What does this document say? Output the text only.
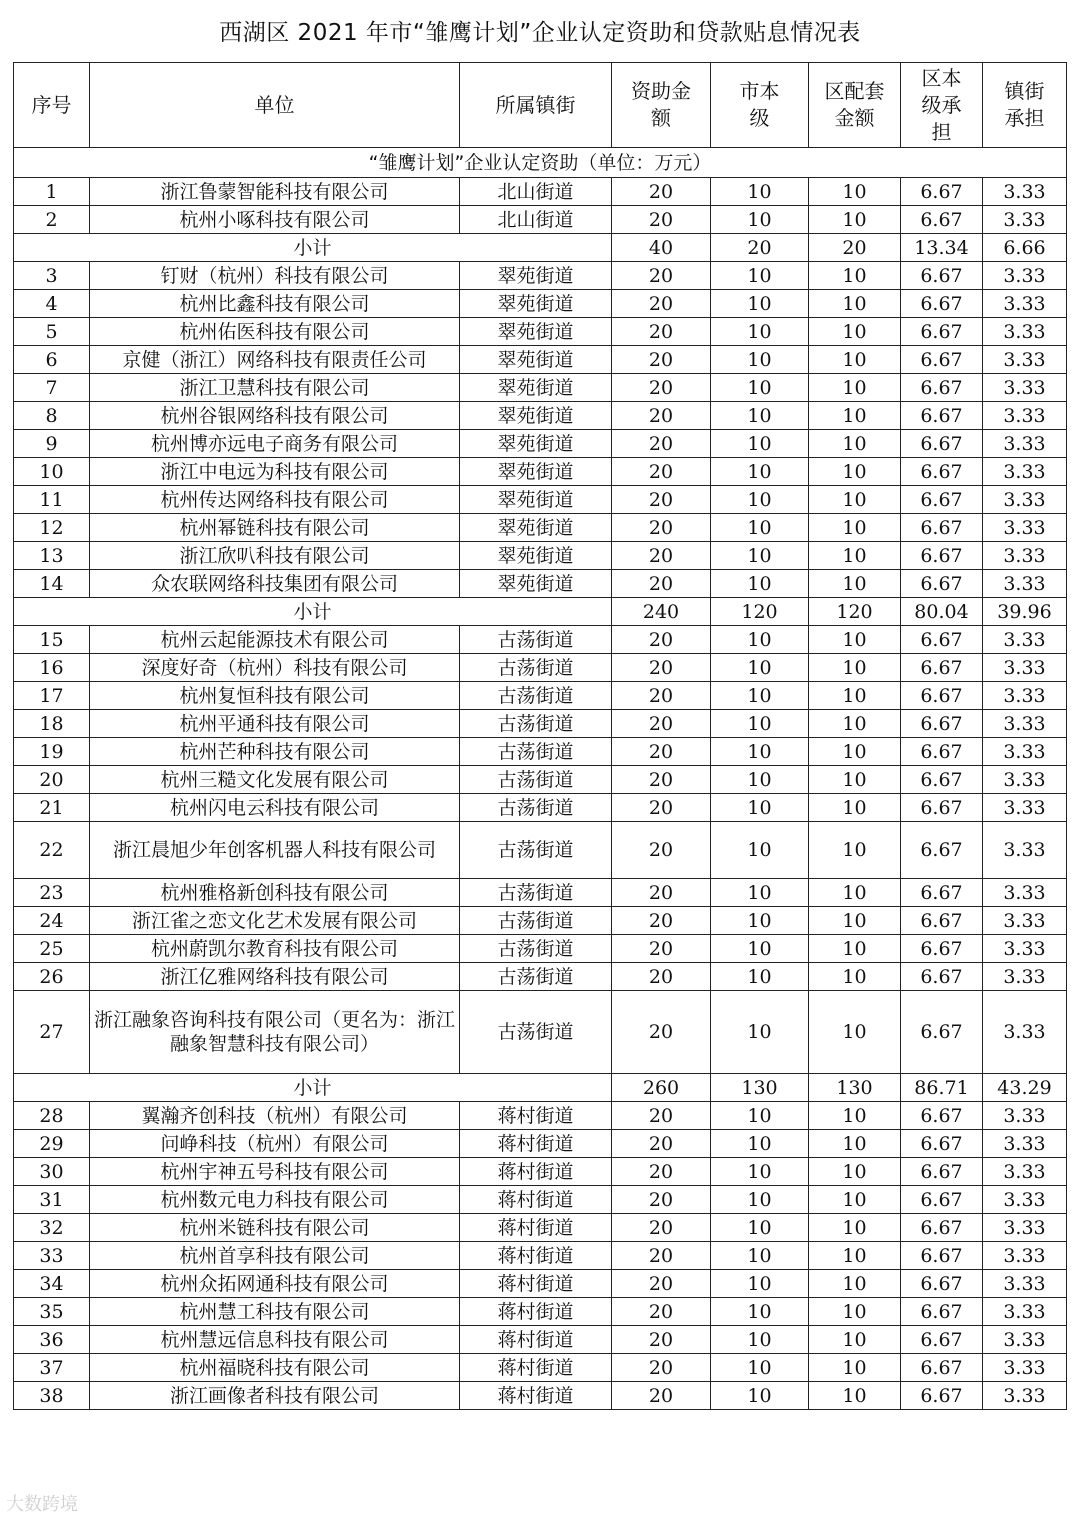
西湖区 2021 年市“雏鹰计划”企业认定资助和贷款贴息情况表
序号	单位	所属镇街	资助金额	市本级	区配套金额	区本级承担	镇街承担
“雏鹰计划”企业认定资助（单位：万元）							
1	浙江鲁蒙智能科技有限公司	北山街道	20	10	10	6.67	3.33
2	杭州小啄科技有限公司	北山街道	20	10	10	6.67	3.33
小计			40	20	20	13.34	6.66
3	钉财（杭州）科技有限公司	翠苑街道	20	10	10	6.67	3.33
4	杭州比鑫科技有限公司	翠苑街道	20	10	10	6.67	3.33
5	杭州佑医科技有限公司	翠苑街道	20	10	10	6.67	3.33
6	京健（浙江）网络科技有限责任公司	翠苑街道	20	10	10	6.67	3.33
7	浙江卫慧科技有限公司	翠苑街道	20	10	10	6.67	3.33
8	杭州谷银网络科技有限公司	翠苑街道	20	10	10	6.67	3.33
9	杭州博亦远电子商务有限公司	翠苑街道	20	10	10	6.67	3.33
10	浙江中电远为科技有限公司	翠苑街道	20	10	10	6.67	3.33
11	杭州传达网络科技有限公司	翠苑街道	20	10	10	6.67	3.33
12	杭州幂链科技有限公司	翠苑街道	20	10	10	6.67	3.33
13	浙江欣叭科技有限公司	翠苑街道	20	10	10	6.67	3.33
14	众农联网络科技集团有限公司	翠苑街道	20	10	10	6.67	3.33
小计			240	120	120	80.04	39.96
15	杭州云起能源技术有限公司	古荡街道	20	10	10	6.67	3.33
16	深度好奇（杭州）科技有限公司	古荡街道	20	10	10	6.67	3.33
17	杭州复恒科技有限公司	古荡街道	20	10	10	6.67	3.33
18	杭州平通科技有限公司	古荡街道	20	10	10	6.67	3.33
19	杭州芒种科技有限公司	古荡街道	20	10	10	6.67	3.33
20	杭州三糙文化发展有限公司	古荡街道	20	10	10	6.67	3.33
21	杭州闪电云科技有限公司	古荡街道	20	10	10	6.67	3.33
22	浙江晨旭少年创客机器人科技有限公司	古荡街道	20	10	10	6.67	3.33
23	杭州雅格新创科技有限公司	古荡街道	20	10	10	6.67	3.33
24	浙江雀之恋文化艺术发展有限公司	古荡街道	20	10	10	6.67	3.33
25	杭州蔚凯尔教育科技有限公司	古荡街道	20	10	10	6.67	3.33
26	浙江亿雅网络科技有限公司	古荡街道	20	10	10	6.67	3.33
27	浙江融象咨询科技有限公司（更名为：浙江融象智慧科技有限公司）	古荡街道	20	10	10	6.67	3.33
小计			260	130	130	86.71	43.29
28	翼瀚齐创科技（杭州）有限公司	蒋村街道	20	10	10	6.67	3.33
29	问峥科技（杭州）有限公司	蒋村街道	20	10	10	6.67	3.33
30	杭州宇神五号科技有限公司	蒋村街道	20	10	10	6.67	3.33
31	杭州数元电力科技有限公司	蒋村街道	20	10	10	6.67	3.33
32	杭州米链科技有限公司	蒋村街道	20	10	10	6.67	3.33
33	杭州首享科技有限公司	蒋村街道	20	10	10	6.67	3.33
34	杭州众拓网通科技有限公司	蒋村街道	20	10	10	6.67	3.33
35	杭州慧工科技有限公司	蒋村街道	20	10	10	6.67	3.33
36	杭州慧远信息科技有限公司	蒋村街道	20	10	10	6.67	3.33
37	杭州福晓科技有限公司	蒋村街道	20	10	10	6.67	3.33
38	浙江画像者科技有限公司	蒋村街道	20	10	10	6.67	3.33
大数跨境
